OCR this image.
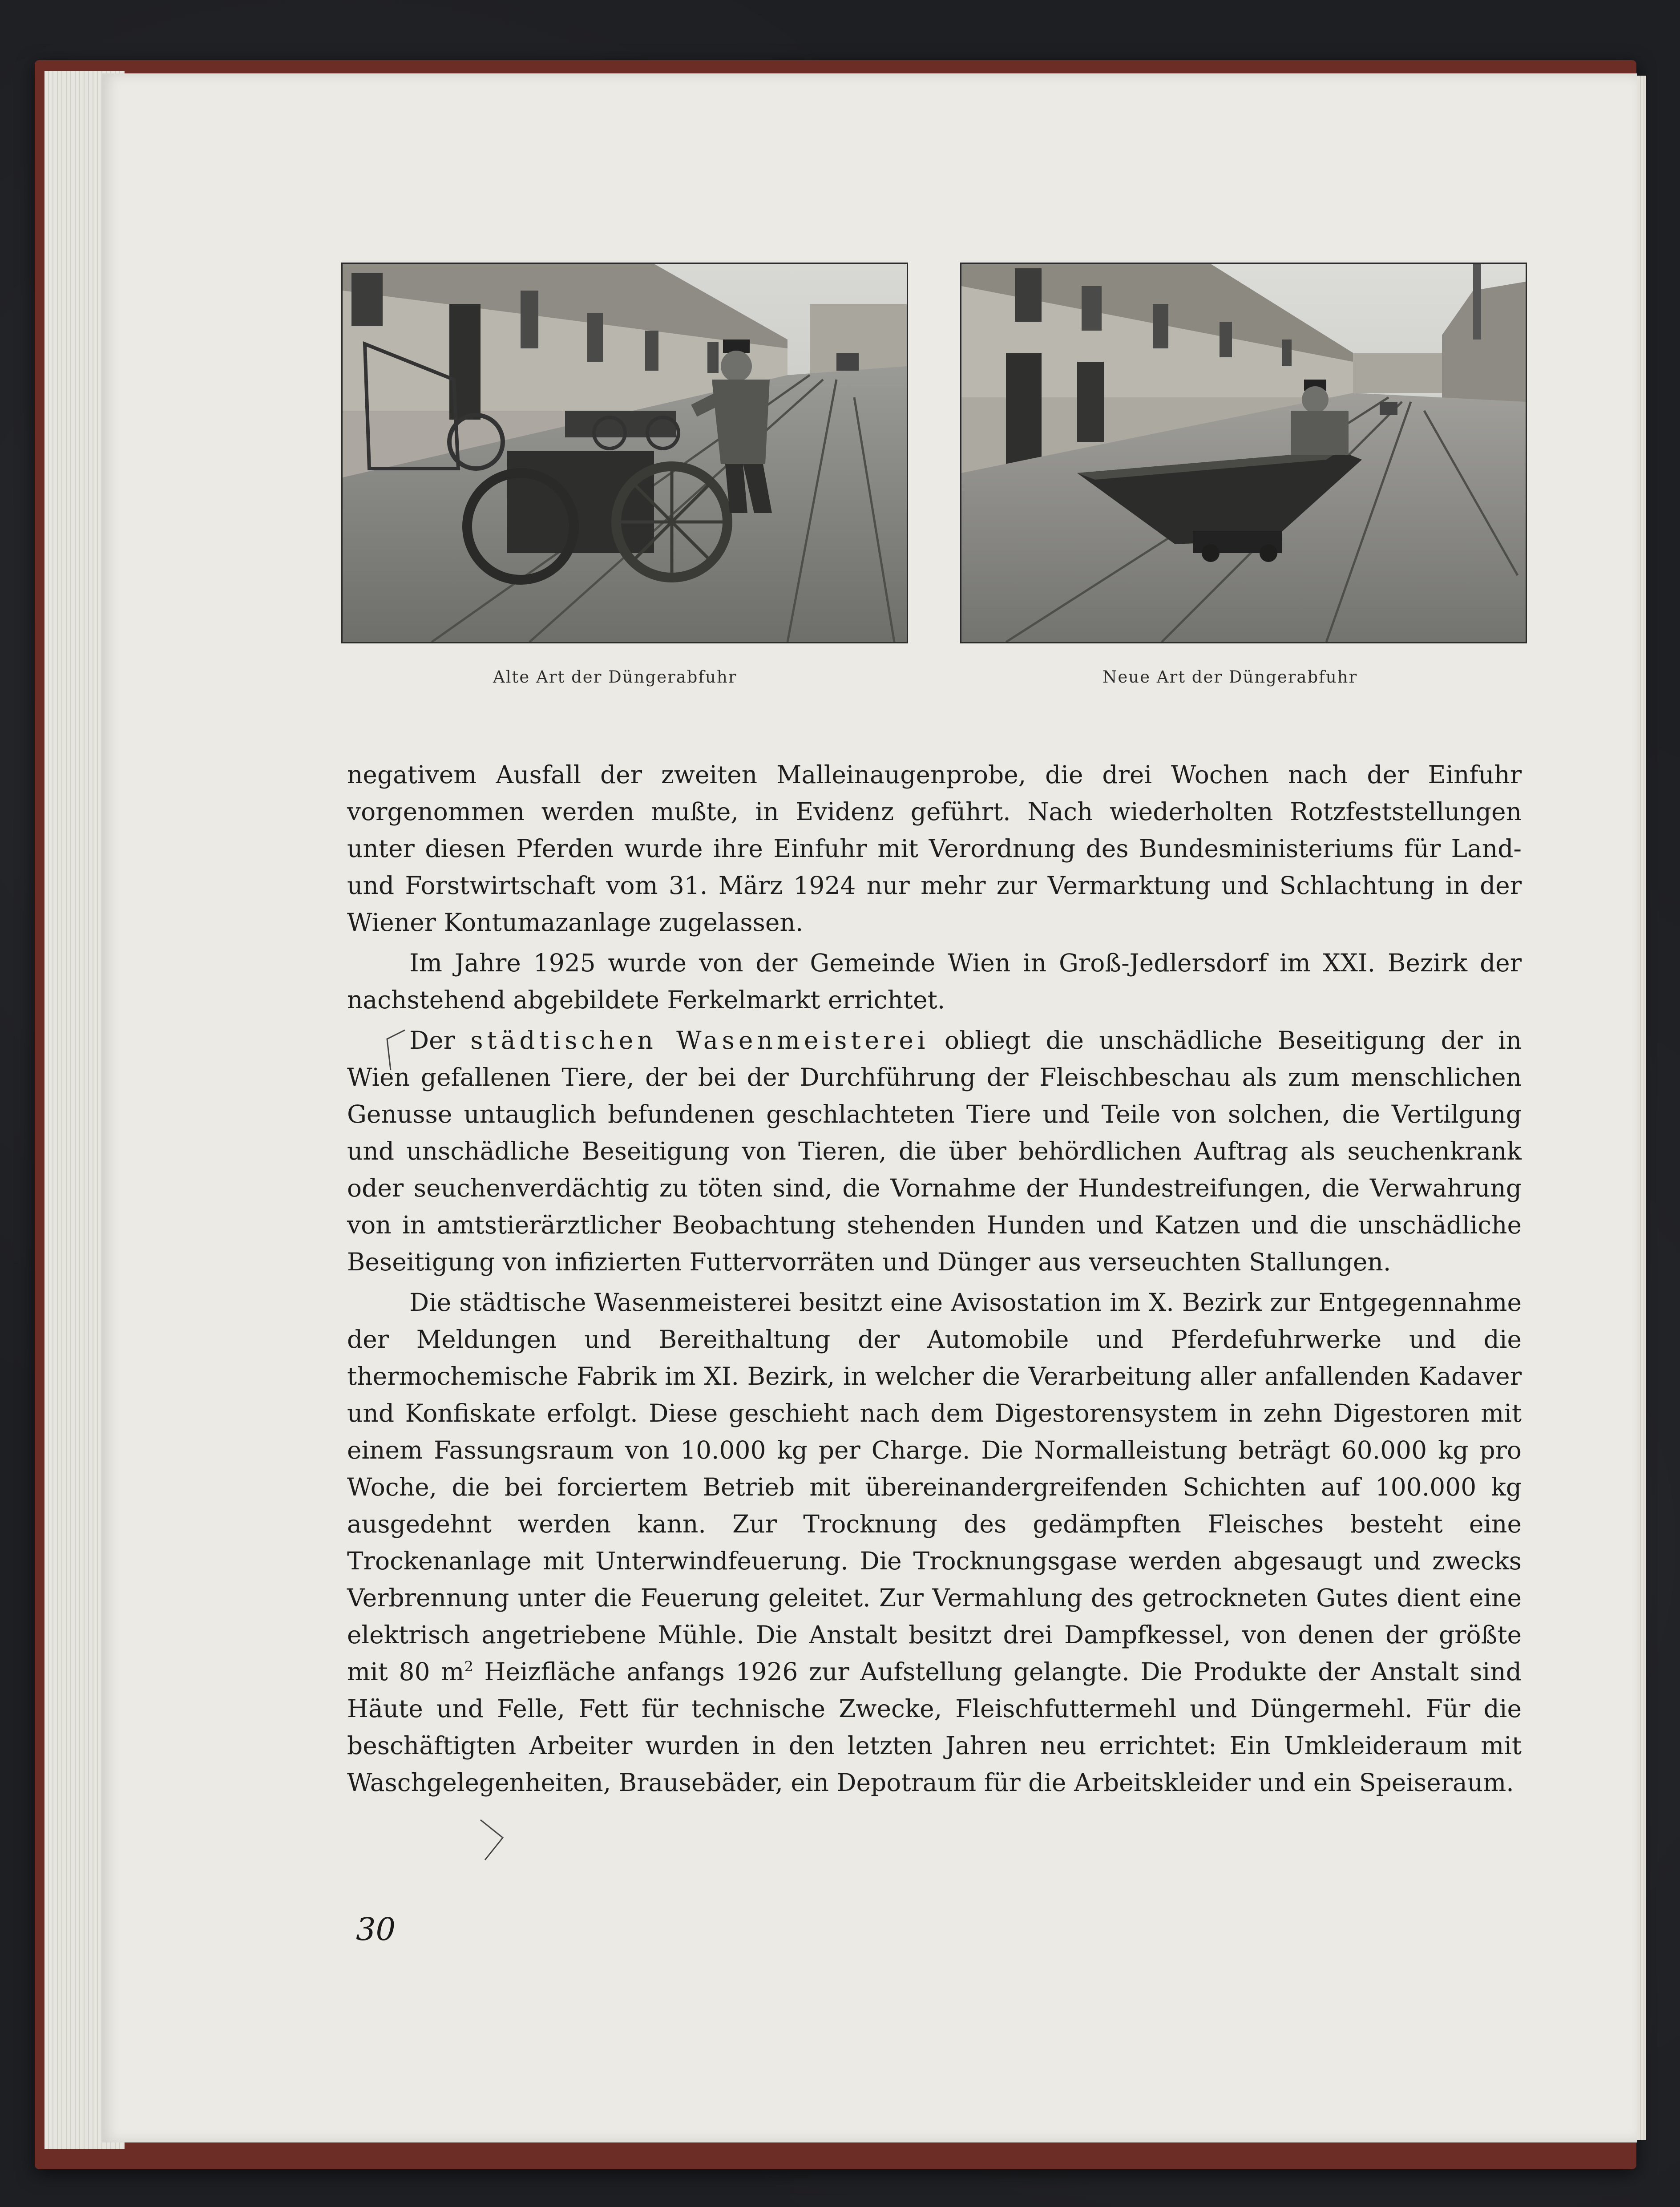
Alte Art der Düngerabfuhr	Neue Art der Düngerabfuhr

negativem Ausfall der zweiten Malleinaugenprobe, die drei Wochen nach der Einfuhr vorgenommen werden mußte, in Evidenz geführt. Nach wiederholten Rotzfeststellungen unter diesen Pferden wurde ihre Einfuhr mit Verordnung des Bundesministeriums für Land- und Forstwirtschaft vom 31. März 1924 nur mehr zur Vermarktung und Schlachtung in der Wiener Kontumazanlage zugelassen.

Im Jahre 1925 wurde von der Gemeinde Wien in Groß-Jedlersdorf im XXI. Bezirk der nachstehend abgebildete Ferkelmarkt errichtet.

Der städtischen Wasenmeisterei obliegt die unschädliche Beseitigung der in Wien gefallenen Tiere, der bei der Durchführung der Fleischbeschau als zum menschlichen Genusse untauglich befundenen geschlachteten Tiere und Teile von solchen, die Vertilgung und unschädliche Beseitigung von Tieren, die über behördlichen Auftrag als seuchenkrank oder seuchenverdächtig zu töten sind, die Vornahme der Hundestreifungen, die Verwahrung von in amtstierärztlicher Beobachtung stehenden Hunden und Katzen und die unschädliche Beseitigung von infizierten Futtervorräten und Dünger aus verseuchten Stallungen.

Die städtische Wasenmeisterei besitzt eine Avisostation im X. Bezirk zur Entgegennahme der Meldungen und Bereithaltung der Automobile und Pferdefuhrwerke und die thermochemische Fabrik im XI. Bezirk, in welcher die Verarbeitung aller anfallenden Kadaver und Konfiskate erfolgt. Diese geschieht nach dem Digestorensystem in zehn Digestoren mit einem Fassungsraum von 10.000 kg per Charge. Die Normalleistung beträgt 60.000 kg pro Woche, die bei forciertem Betrieb mit übereinandergreifenden Schichten auf 100.000 kg ausgedehnt werden kann. Zur Trocknung des gedämpften Fleisches besteht eine Trockenanlage mit Unterwindfeuerung. Die Trocknungsgase werden abgesaugt und zwecks Verbrennung unter die Feuerung geleitet. Zur Vermahlung des getrockneten Gutes dient eine elektrisch angetriebene Mühle. Die Anstalt besitzt drei Dampfkessel, von denen der größte mit 80 $m^2$ Heizfläche anfangs 1926 zur Aufstellung gelangte. Die Produkte der Anstalt sind Häute und Felle, Fett für technische Zwecke, Fleischfuttermehl und Düngermehl. Für die beschäftigten Arbeiter wurden in den letzten Jahren neu errichtet: Ein Umkleideraum mit Waschgelegenheiten, Brausebäder, ein Depotraum für die Arbeitskleider und ein Speiseraum.

30
